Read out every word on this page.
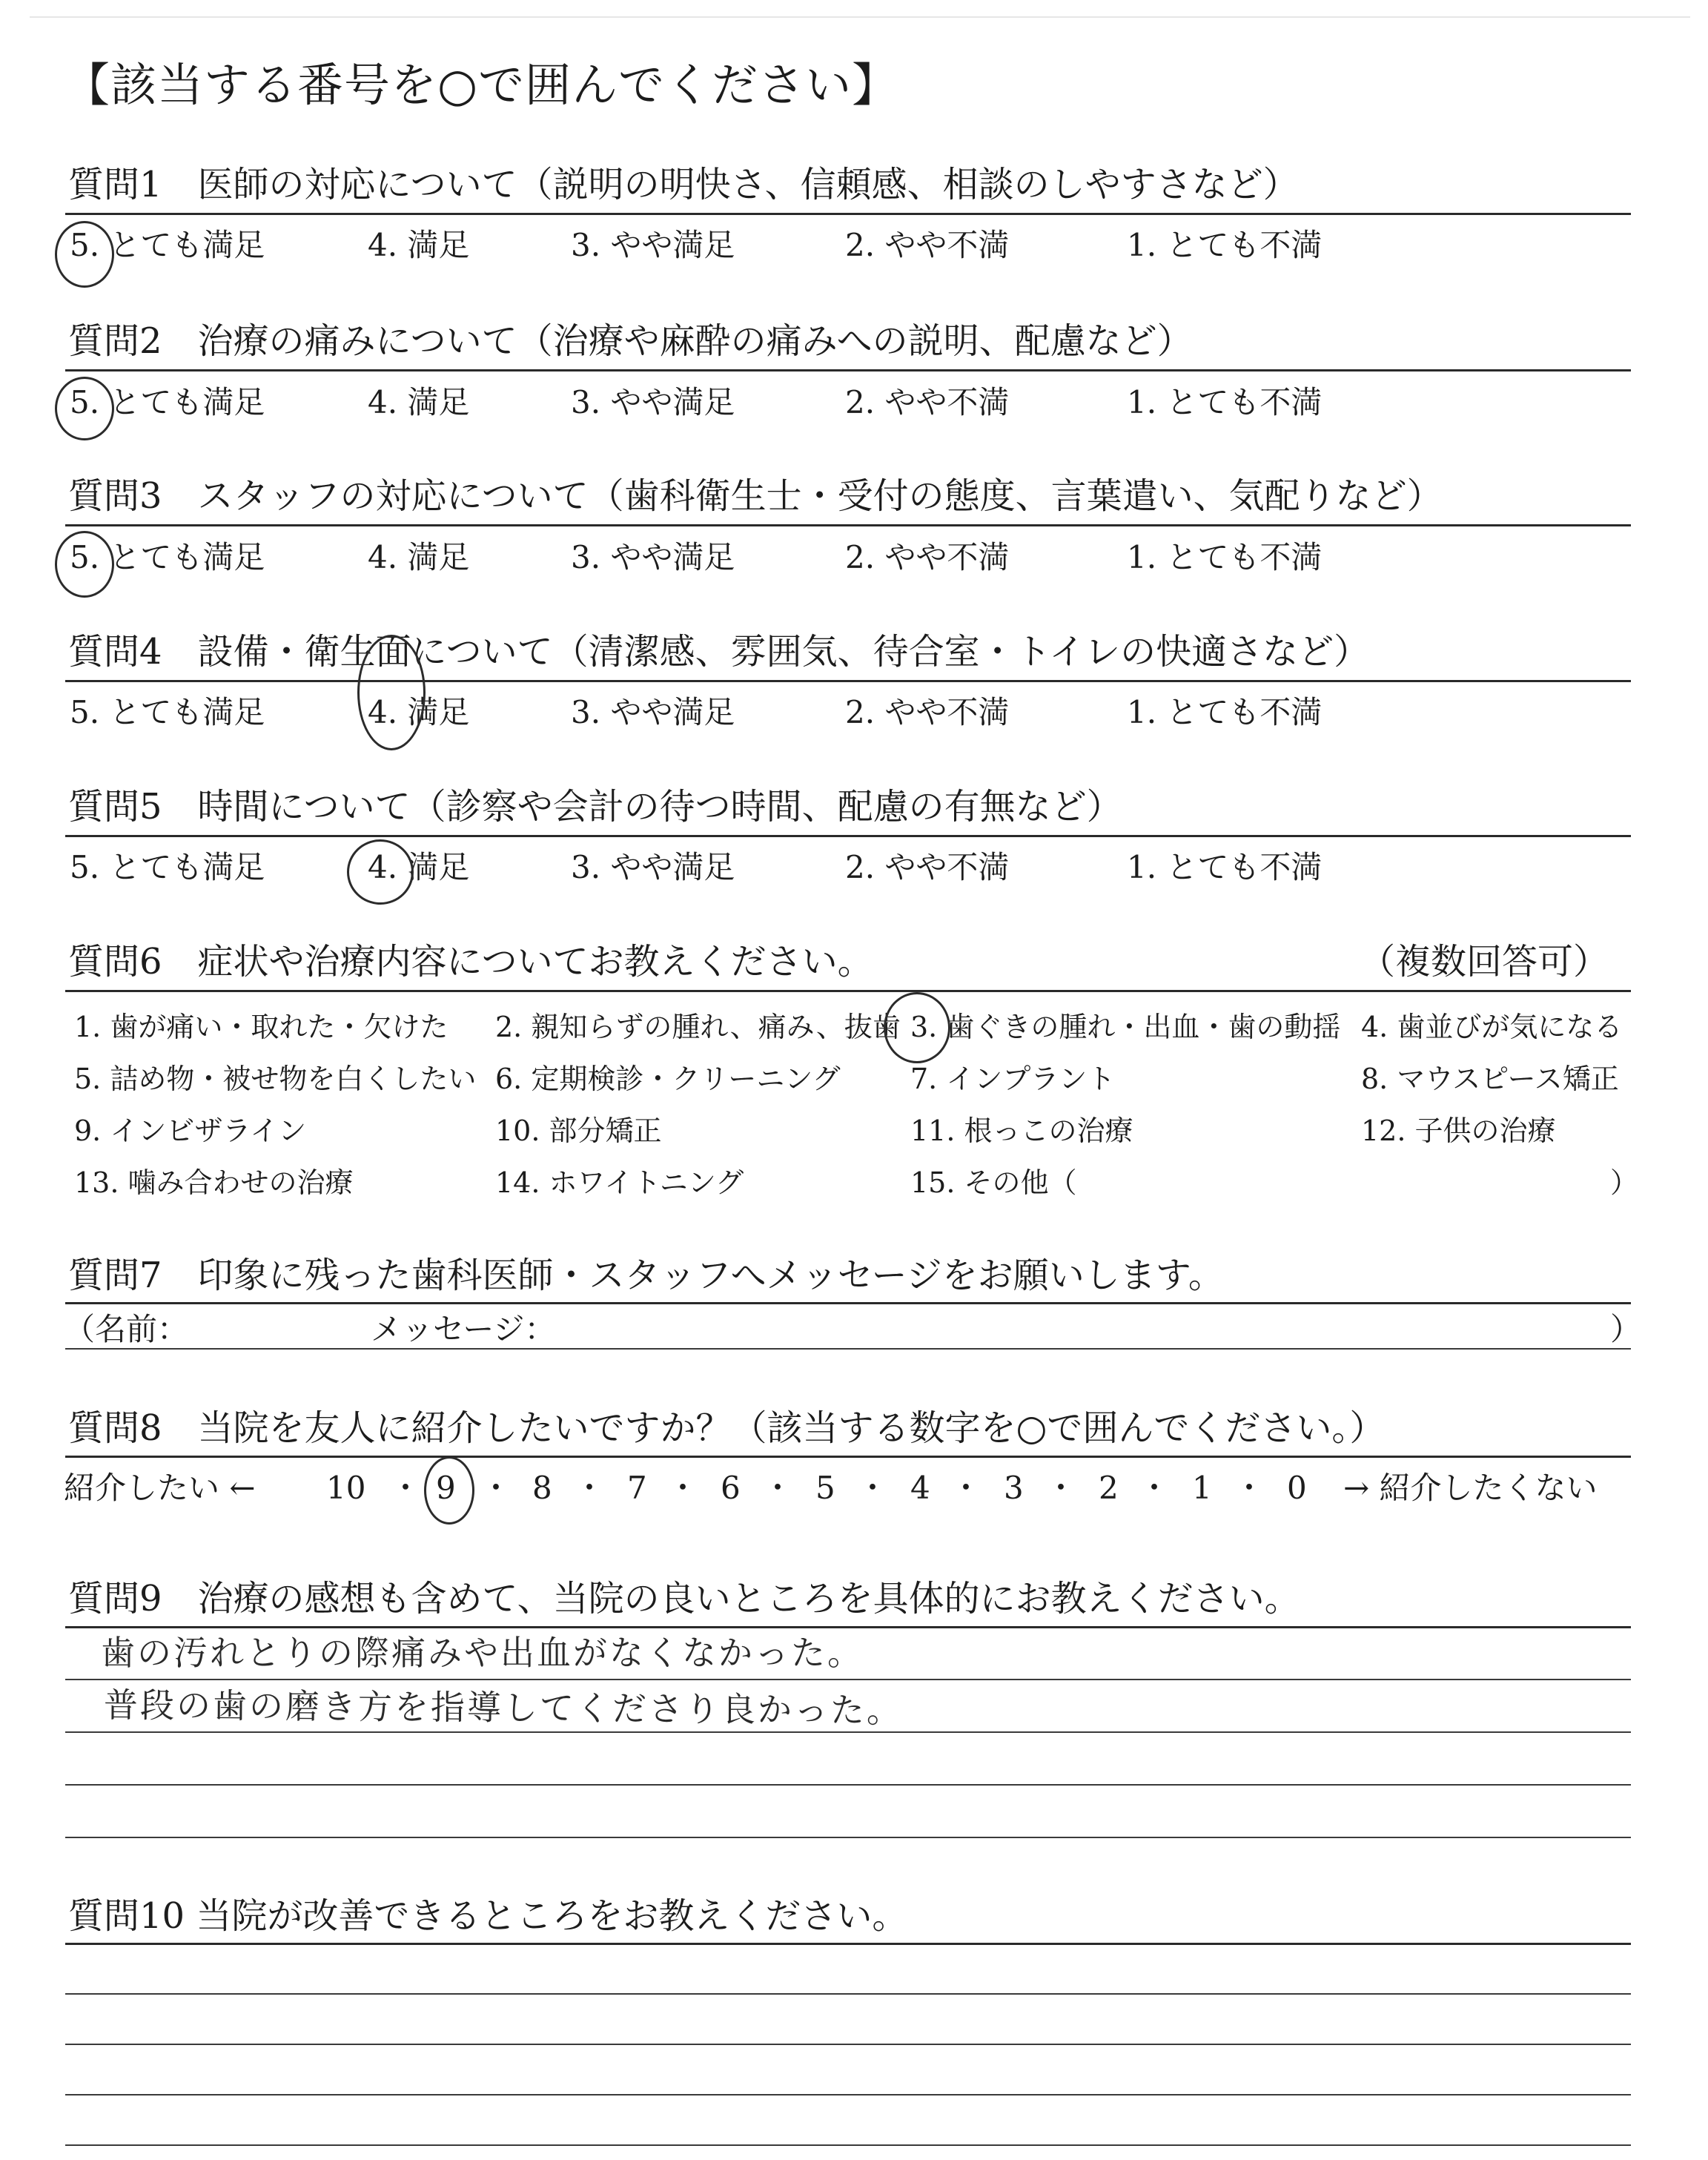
【該当する番号を○で囲んでください】
質問1　医師の対応について（説明の明快さ、信頼感、相談のしやすさなど）
5. とても満足	4. 満足	3. やや満足	2. やや不満	1. とても不満
質問2　治療の痛みについて（治療や麻酔の痛みへの説明、配慮など）
5. とても満足	4. 満足	3. やや満足	2. やや不満	1. とても不満
質問3　スタッフの対応について（歯科衛生士・受付の態度、言葉遣い、気配りなど）
5. とても満足	4. 満足	3. やや満足	2. やや不満	1. とても不満
質問4　設備・衛生面について（清潔感、雰囲気、待合室・トイレの快適さなど）
5. とても満足	4. 満足	3. やや満足	2. やや不満	1. とても不満
質問5　時間について（診察や会計の待つ時間、配慮の有無など）
5. とても満足	4. 満足	3. やや満足	2. やや不満	1. とても不満
質問6　症状や治療内容についてお教えください。	（複数回答可）
1. 歯が痛い・取れた・欠けた 2. 親知らずの腫れ、痛み、抜歯 3. 歯ぐきの腫れ・出血・歯の動揺 4. 歯並びが気になる
5. 詰め物・被せ物を白くしたい 6. 定期検診・クリーニング 7. インプラント	8. マウスピース矯正
9. インビザライン	10. 部分矯正	11. 根っこの治療	12. 子供の治療
13. 噛み合わせの治療	14. ホワイトニング	15. その他（	）
質問7　印象に残った歯科医師・スタッフへメッセージをお願いします。
（名前：	メッセージ：	）
質問8　当院を友人に紹介したいですか？（該当する数字を○で囲んでください。）
紹介したい ← 10 ・ 9 ・ 8 ・ 7 ・ 6 ・ 5 ・ 4 ・ 3 ・ 2 ・ 1 ・ 0 → 紹介したくない
質問9　治療の感想も含めて、当院の良いところを具体的にお教えください。
歯の汚れとりの際痛みや出血がなくなかった。
普段の歯の磨き方を指導してくださり良かった。
質問10 当院が改善できるところをお教えください。
